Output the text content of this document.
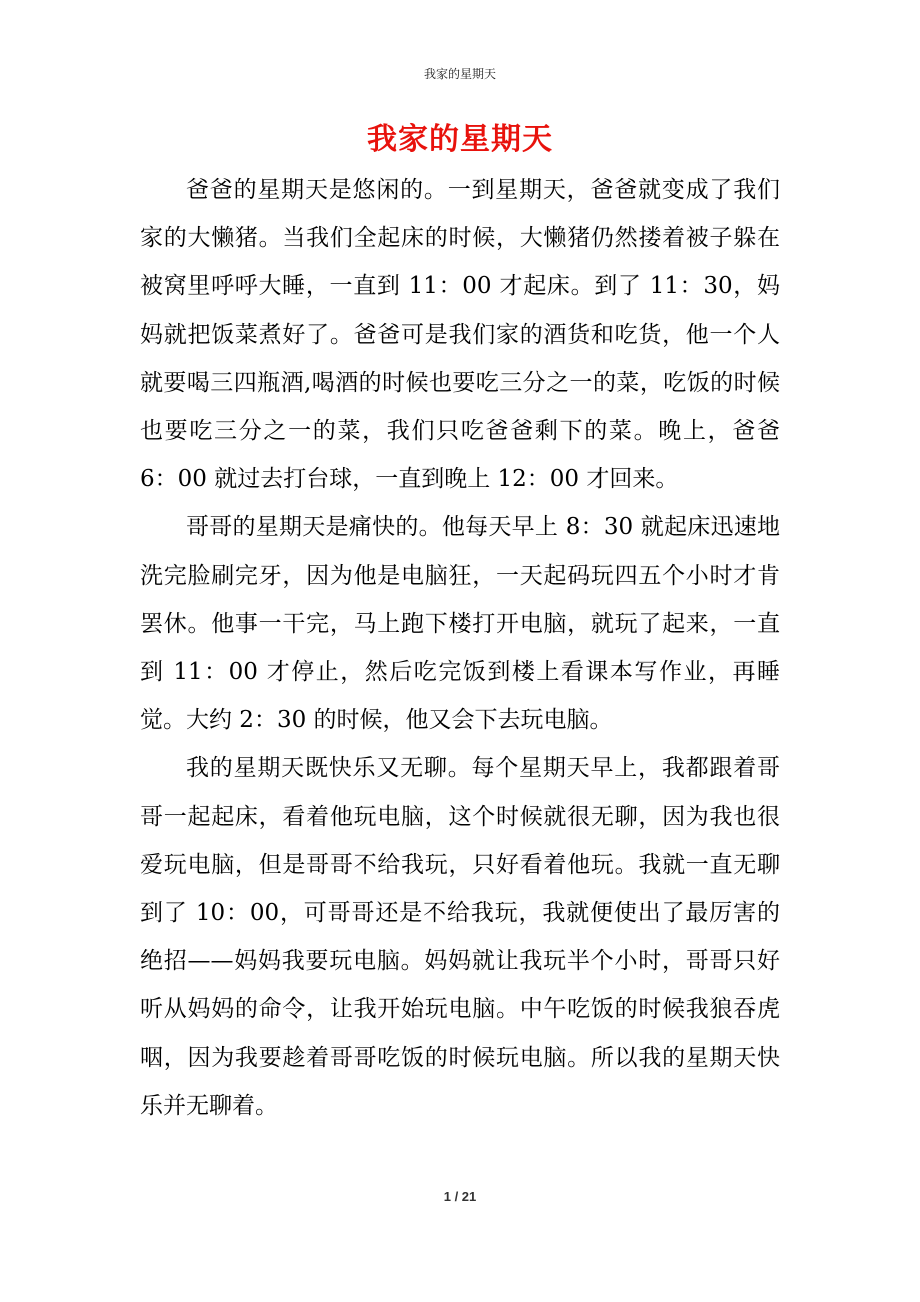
我家的星期天
我家的星期天

爸爸的星期天是悠闲的。一到星期天，爸爸就变成了我们家的大懒猪。当我们全起床的时候，大懒猪仍然搂着被子躲在被窝里呼呼大睡，一直到 11：00 才起床。到了 11：30，妈妈就把饭菜煮好了。爸爸可是我们家的酒货和吃货，他一个人就要喝三四瓶酒,喝酒的时候也要吃三分之一的菜，吃饭的时候也要吃三分之一的菜，我们只吃爸爸剩下的菜。晚上，爸爸 6：00 就过去打台球，一直到晚上 12：00 才回来。

哥哥的星期天是痛快的。他每天早上 8：30 就起床迅速地洗完脸刷完牙，因为他是电脑狂，一天起码玩四五个小时才肯罢休。他事一干完，马上跑下楼打开电脑，就玩了起来，一直到 11：00 才停止，然后吃完饭到楼上看课本写作业，再睡觉。大约 2：30 的时候，他又会下去玩电脑。

我的星期天既快乐又无聊。每个星期天早上，我都跟着哥哥一起起床，看着他玩电脑，这个时候就很无聊，因为我也很爱玩电脑，但是哥哥不给我玩，只好看着他玩。我就一直无聊到了 10：00，可哥哥还是不给我玩，我就便使出了最厉害的绝招——妈妈我要玩电脑。妈妈就让我玩半个小时，哥哥只好听从妈妈的命令，让我开始玩电脑。中午吃饭的时候我狼吞虎咽，因为我要趁着哥哥吃饭的时候玩电脑。所以我的星期天快乐并无聊着。

1 / 21
